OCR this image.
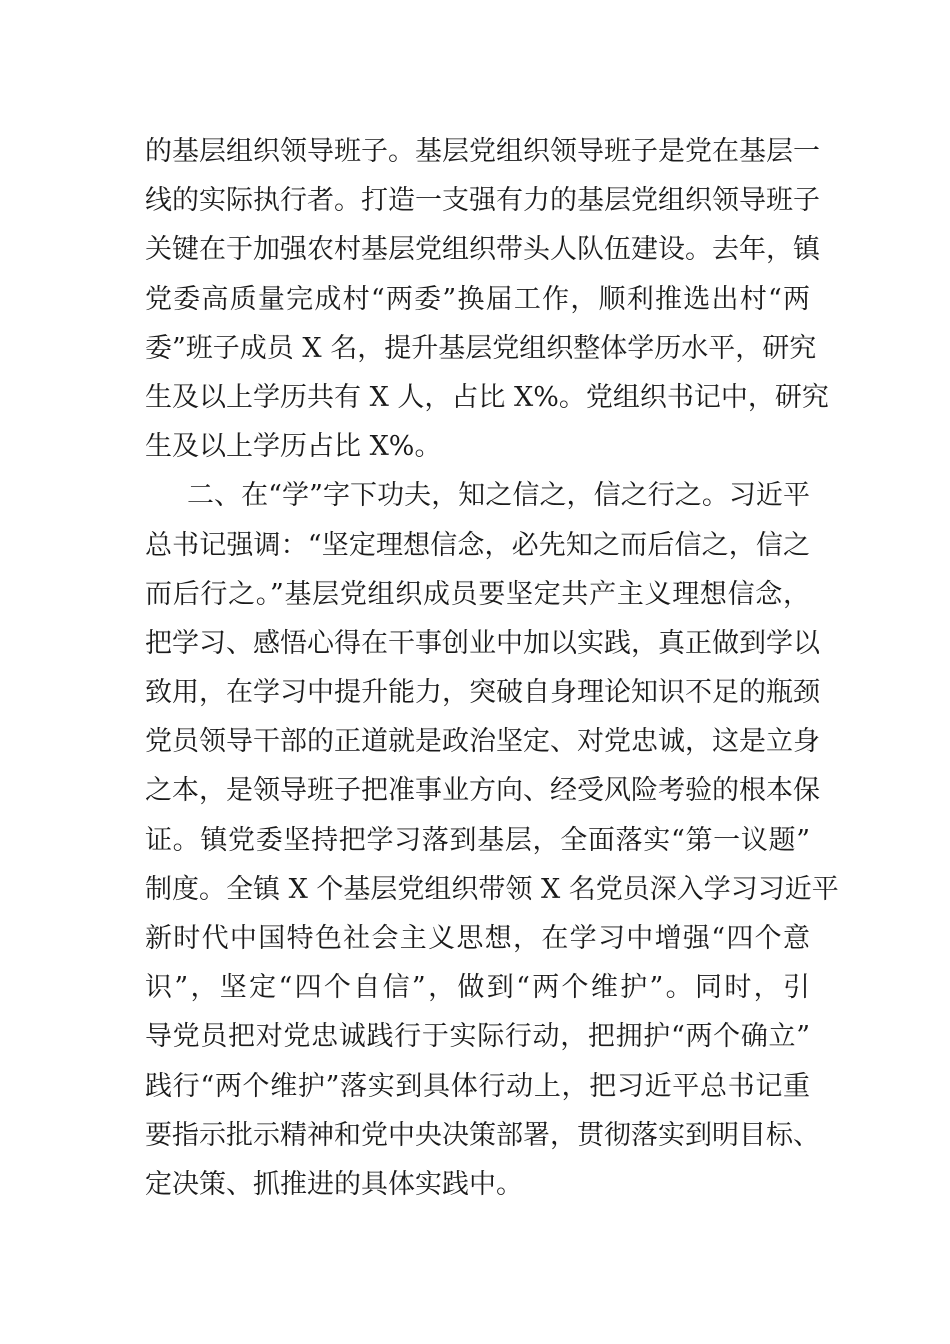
的基层组织领导班子。基层党组织领导班子是党在基层一
线的实际执行者。打造一支强有力的基层党组织领导班子
关键在于加强农村基层党组织带头人队伍建设。去年，镇
党委高质量完成村“两委”换届工作，顺利推选出村“两
委”班子成员 X 名，提升基层党组织整体学历水平，研究
生及以上学历共有 X 人，占比 X%。党组织书记中，研究
生及以上学历占比 X%。
二、在“学”字下功夫，知之信之，信之行之。习近平
总书记强调：“坚定理想信念，必先知之而后信之，信之
而后行之。”基层党组织成员要坚定共产主义理想信念，
把学习、感悟心得在干事创业中加以实践，真正做到学以
致用，在学习中提升能力，突破自身理论知识不足的瓶颈
党员领导干部的正道就是政治坚定、对党忠诚，这是立身
之本，是领导班子把准事业方向、经受风险考验的根本保
证。镇党委坚持把学习落到基层，全面落实“第一议题”
制度。全镇 X 个基层党组织带领 X 名党员深入学习习近平
新时代中国特色社会主义思想，在学习中增强“四个意
识”，坚定“四个自信”，做到“两个维护”。同时，引
导党员把对党忠诚践行于实际行动，把拥护“两个确立”
践行“两个维护”落实到具体行动上，把习近平总书记重
要指示批示精神和党中央决策部署，贯彻落实到明目标、
定决策、抓推进的具体实践中。
